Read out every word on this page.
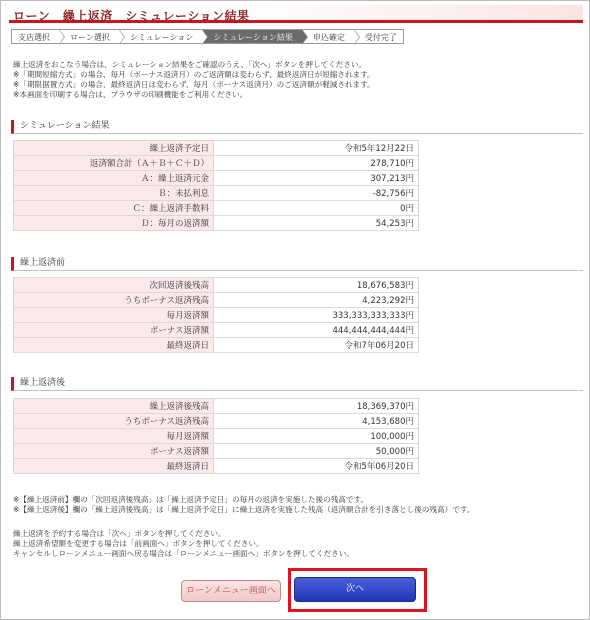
ローン　繰上返済　シミュレーション結果
支店選択	ローン選択	シミュレーション	シミュレーション結果	申込確定	受付完了
繰上返済をおこなう場合は、シミュレーション結果をご確認のうえ、「次へ」ボタンを押してください。
※「期間短縮方式」の場合、毎月（ボーナス返済月）のご返済額は変わらず、最終返済日が短縮されます。
※「期限据置方式」の場合、最終返済日は変わらず、毎月（ボーナス返済月）のご返済額が軽減されます。
※本画面を印刷する場合は、ブラウザの印刷機能をご利用ください。
シミュレーション結果
繰上返済予定日	令和5年12月22日
返済額合計（Ａ＋Ｂ＋Ｃ＋Ｄ）	278,710円
Ａ：繰上返済元金	307,213円
Ｂ：未払利息	-82,756円
Ｃ：繰上返済手数料	0円
Ｄ：毎月の返済額	54,253円
繰上返済前
次回返済後残高	18,676,583円
うちボーナス返済残高	4,223,292円
毎月返済額	333,333,333,333円
ボーナス返済額	444,444,444,444円
最終返済日	令和7年06月20日
繰上返済後
繰上返済後残高	18,369,370円
うちボーナス返済残高	4,153,680円
毎月返済額	100,000円
ボーナス返済額	50,000円
最終返済日	令和5年06月20日
※【繰上返済前】欄の「次回返済後残高」は「繰上返済予定日」の毎月の返済を実施した後の残高です。
※【繰上返済後】欄の「繰上返済後残高」は「繰上返済予定日」に繰上返済を実施した残高（返済額合計を引き落とし後の残高）です。
繰上返済を予約する場合は「次へ」ボタンを押してください。
繰上返済希望額を変更する場合は「前画面へ」ボタンを押してください。
キャンセルしローンメニュー画面へ戻る場合は「ローンメニュー画面へ」ボタンを押してください。
ローンメニュー画面へ	次へ
